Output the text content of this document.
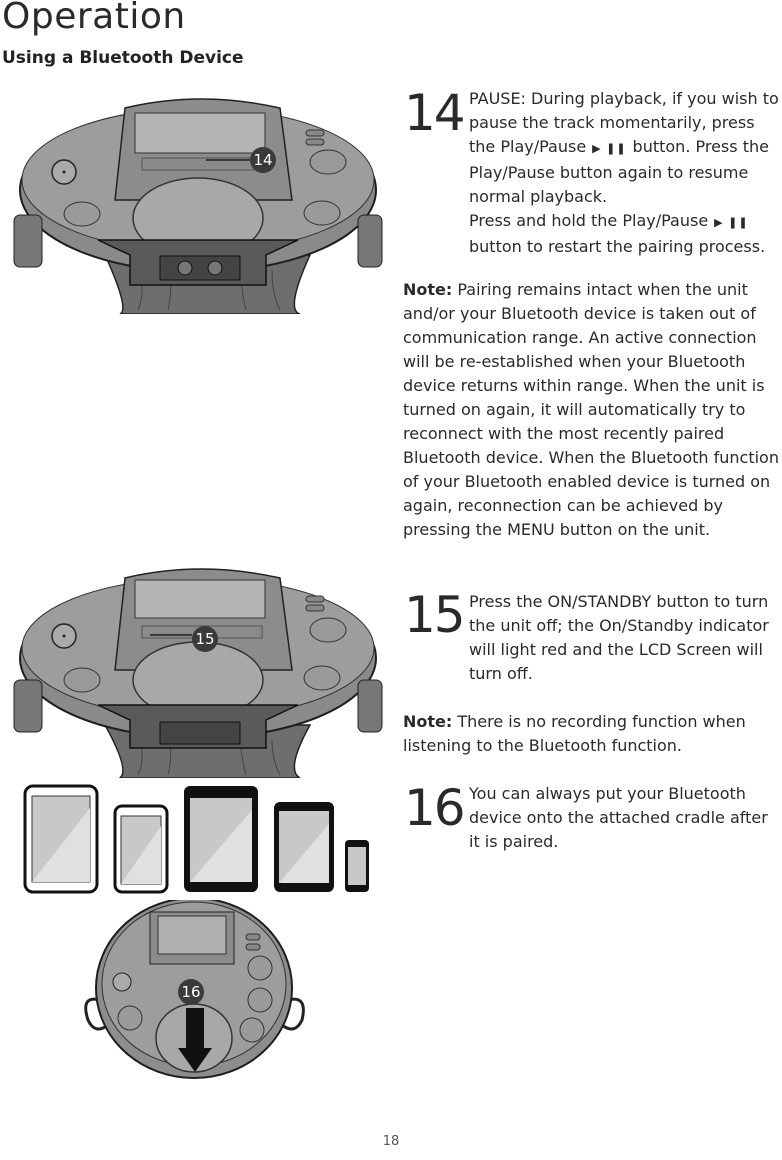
Operation
Using a Bluetooth Device
14
15
16
14 PAUSE: During playback, if you wish to pause the track momentarily, press the Play/Pause ▶ ❚❚ button. Press the Play/Pause button again to resume normal playback.
Press and hold the Play/Pause ▶ ❚❚button to restart the pairing process.
Note: Pairing remains intact when the unit and/or your Bluetooth device is taken out of communication range. An active connection will be re-established when your Bluetooth device returns within range. When the unit is turned on again, it will automatically try to reconnect with the most recently paired Bluetooth device. When the Bluetooth function of your Bluetooth enabled device is turned on again, reconnection can be achieved by pressing the MENU button on the unit.
15 Press the ON/STANDBY button to turn the unit off; the On/Standby indicator will light red and the LCD Screen will turn off.
Note: There is no recording function when listening to the Bluetooth function.
16 You can always put your Bluetooth device onto the attached cradle after it is paired.
18
